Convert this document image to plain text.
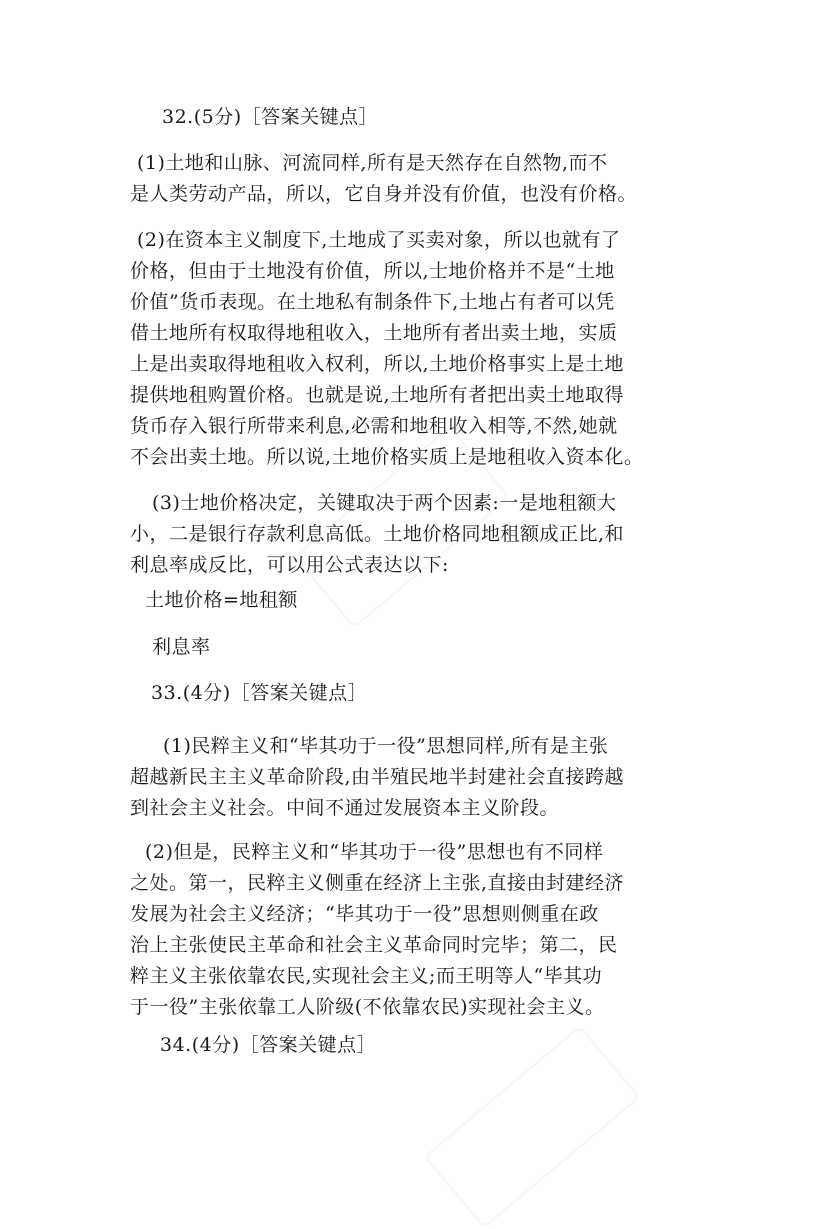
32.(5分)［答案关键点］

(1)土地和山脉、河流同样,所有是天然存在自然物,而不

是人类劳动产品，所以，它自身并没有价值，也没有价格。

(2)在资本主义制度下,土地成了买卖对象，所以也就有了

价格，但由于土地没有价值，所以,士地价格并不是“土地

价值”货币表现。在土地私有制条件下,土地占有者可以凭

借土地所有权取得地租收入，土地所有者出卖土地，实质

上是出卖取得地租收入权利，所以,土地价格事实上是土地

提供地租购置价格。也就是说,土地所有者把出卖土地取得

货币存入银行所带来利息,必需和地租收入相等,不然,她就

不会出卖土地。所以说,土地价格实质上是地租收入资本化。

(3)士地价格决定，关键取决于两个因素:一是地租额大

小，二是银行存款利息高低。土地价格同地租额成正比,和

利息率成反比，可以用公式表达以下:

土地价格=地租额

利息率

33.(4分)［答案关键点］

(1)民粹主义和“毕其功于一役”思想同样,所有是主张

超越新民主主义革命阶段,由半殖民地半封建社会直接跨越

到社会主义社会。中间不通过发展资本主义阶段。

(2)但是，民粹主义和“毕其功于一役”思想也有不同样

之处。第一，民粹主义侧重在经济上主张,直接由封建经济

发展为社会主义经济；“毕其功于一役”思想则侧重在政

治上主张使民主革命和社会主义革命同时完毕；第二，民

粹主义主张依靠农民,实现社会主义;而王明等人“毕其功

于一役”主张依靠工人阶级(不依靠农民)实现社会主义。

34.(4分)［答案关键点］
